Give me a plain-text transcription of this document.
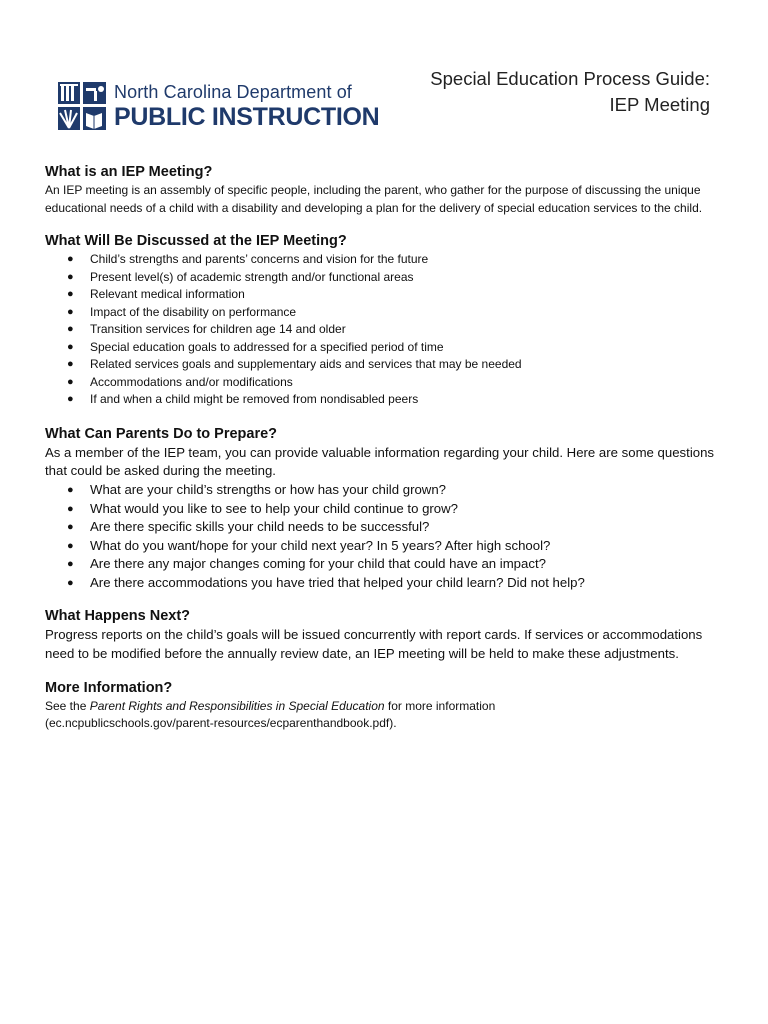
North Carolina Department of
PUBLIC INSTRUCTION
Special Education Process Guide:
IEP Meeting
What is an IEP Meeting?

An IEP meeting is an assembly of specific people, including the parent, who gather for the purpose of discussing the unique educational needs of a child with a disability and developing a plan for the delivery of special education services to the child.

What Will Be Discussed at the IEP Meeting?
● Child’s strengths and parents’ concerns and vision for the future
● Present level(s) of academic strength and/or functional areas
● Relevant medical information
● Impact of the disability on performance
● Transition services for children age 14 and older
● Special education goals to addressed for a specified period of time
● Related services goals and supplementary aids and services that may be needed
● Accommodations and/or modifications
● If and when a child might be removed from nondisabled peers
What Can Parents Do to Prepare?

As a member of the IEP team, you can provide valuable information regarding your child. Here are some questions that could be asked during the meeting.

● What are your child’s strengths or how has your child grown?
● What would you like to see to help your child continue to grow?
● Are there specific skills your child needs to be successful?
● What do you want/hope for your child next year? In 5 years? After high school?
● Are there any major changes coming for your child that could have an impact?
● Are there accommodations you have tried that helped your child learn? Did not help?
What Happens Next?

Progress reports on the child’s goals will be issued concurrently with report cards. If services or accommodations need to be modified before the annually review date, an IEP meeting will be held to make these adjustments.

More Information?

See the Parent Rights and Responsibilities in Special Education for more information
(ec.ncpublicschools.gov/parent-resources/ecparenthandbook.pdf).
